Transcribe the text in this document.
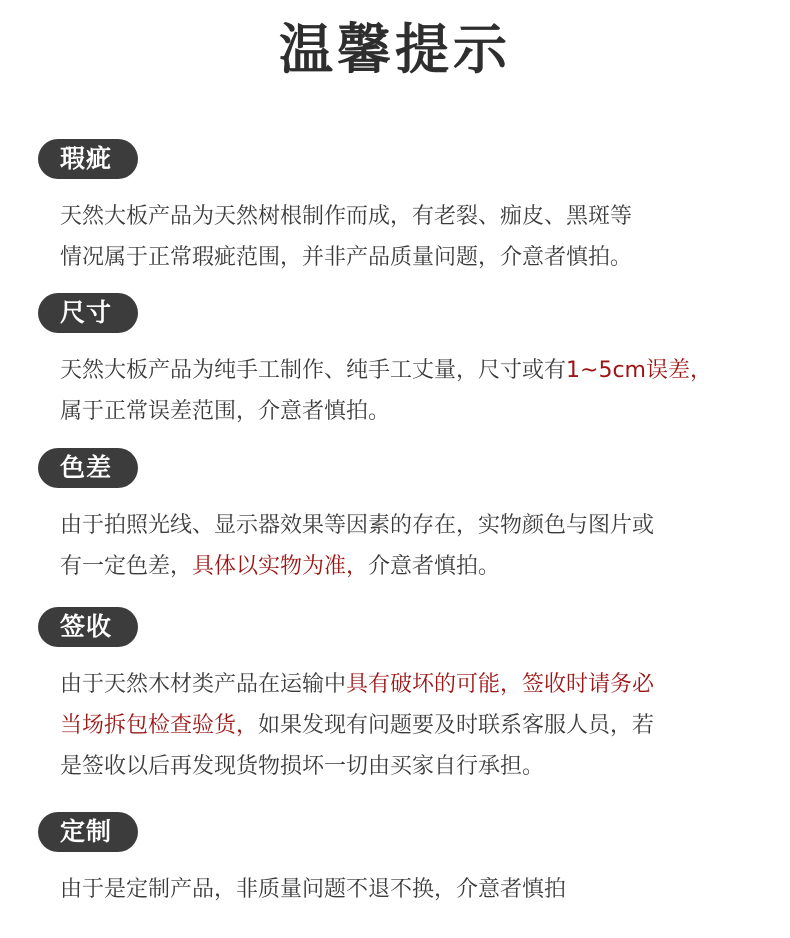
温馨提示
瑕疵
天然大板产品为天然树根制作而成，有老裂、痂皮、黑斑等
情况属于正常瑕疵范围，并非产品质量问题，介意者慎拍。
尺寸
天然大板产品为纯手工制作、纯手工丈量，尺寸或有1~5cm误差，
属于正常误差范围，介意者慎拍。
色差
由于拍照光线、显示器效果等因素的存在，实物颜色与图片或
有一定色差，具体以实物为准，介意者慎拍。
签收
由于天然木材类产品在运输中具有破坏的可能，签收时请务必
当场拆包检查验货，如果发现有问题要及时联系客服人员，若
是签收以后再发现货物损坏一切由买家自行承担。
定制
由于是定制产品，非质量问题不退不换，介意者慎拍
